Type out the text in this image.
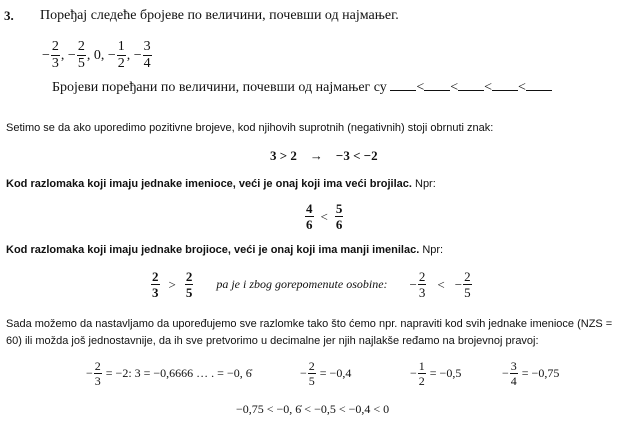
3. Поређај следеће бројеве по величини, почевши од најмањег.
− $\frac{2}{3}$ , − $\frac{2}{5}$ , 0 , − $\frac{1}{2}$ , − $\frac{3}{4}$
Бројеви поређани по величини, почевши од најмањег су < < < <
Setimo se da ako uporedimo pozitivne brojeve, kod njihovih suprotnih (negativnih) stoji obrnuti znak:
3 > 2 → −3 < −2
Kod razlomaka koji imaju jednake imenioce, veći je onaj koji ima veći brojilac. Npr:
$\frac{4}{6} < \frac{5}{6}$
Kod razlomaka koji imaju jednake brojioce, veći je onaj koji ima manji imenilac. Npr:
$\frac{2}{3} > \frac{2}{5}$ pa je i zbog gorepomenute osobine: − $\frac{2}{3}$ < − $\frac{2}{5}$
Sada možemo da nastavljamo da upoređujemo sve razlomke tako što ćemo npr. napraviti kod svih jednake imenioce (NZS =
60) ili možda još jednostavnije, da ih sve pretvorimo u decimalne jer njih najlakše ređamo na brojevnoj pravoj:
− $\frac{2}{3} = -2$: 3 = −0,6666 … . = −0, 6̇	− $\frac{2}{5} = -0,4$	− $\frac{1}{2} = -0,5$	− $\frac{3}{4} = -0,75$
−0,75 < −0, 6̇ < −0,5 < −0,4 < 0
